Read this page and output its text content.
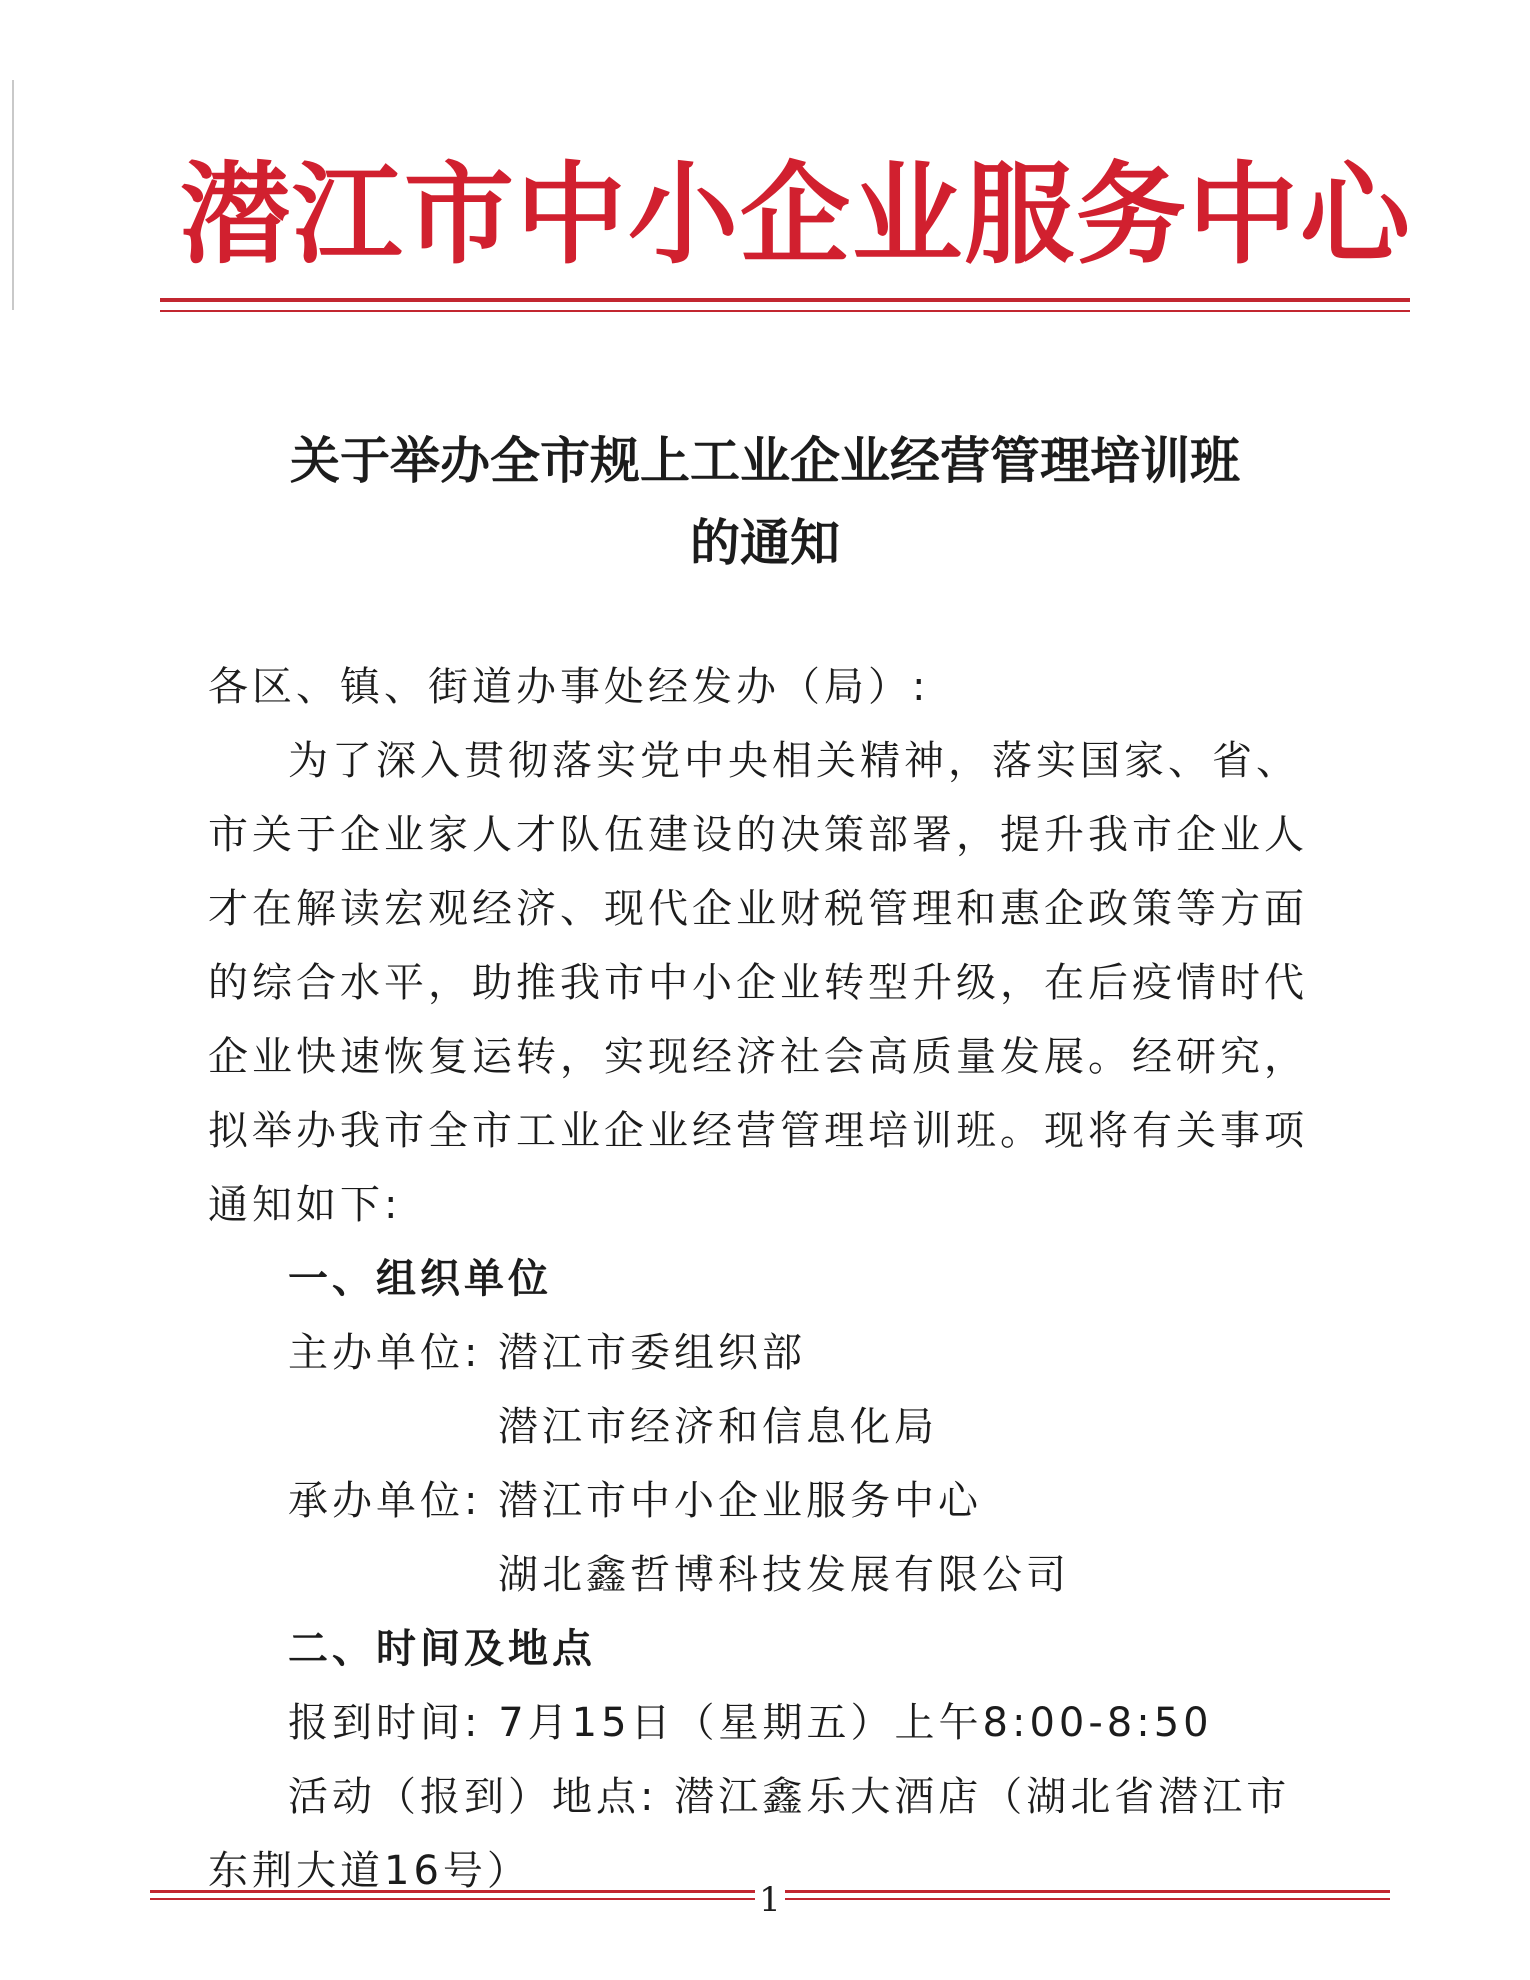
潜江市中小企业服务中心
关于举办全市规上工业企业经营管理培训班
的通知

各区、镇、街道办事处经发办（局）:

为了深入贯彻落实党中央相关精神，落实国家、省、市关于企业家人才队伍建设的决策部署，提升我市企业人才在解读宏观经济、现代企业财税管理和惠企政策等方面的综合水平，助推我市中小企业转型升级，在后疫情时代企业快速恢复运转，实现经济社会高质量发展。经研究，拟举办我市全市工业企业经营管理培训班。现将有关事项通知如下:

一、组织单位

主办单位: 潜江市委组织部
潜江市经济和信息化局
承办单位: 潜江市中小企业服务中心
湖北鑫哲博科技发展有限公司

二、时间及地点

报到时间: 7月15日（星期五）上午8:00-8:50

活动（报到）地点: 潜江鑫乐大酒店（湖北省潜江市东荆大道16号）

1
